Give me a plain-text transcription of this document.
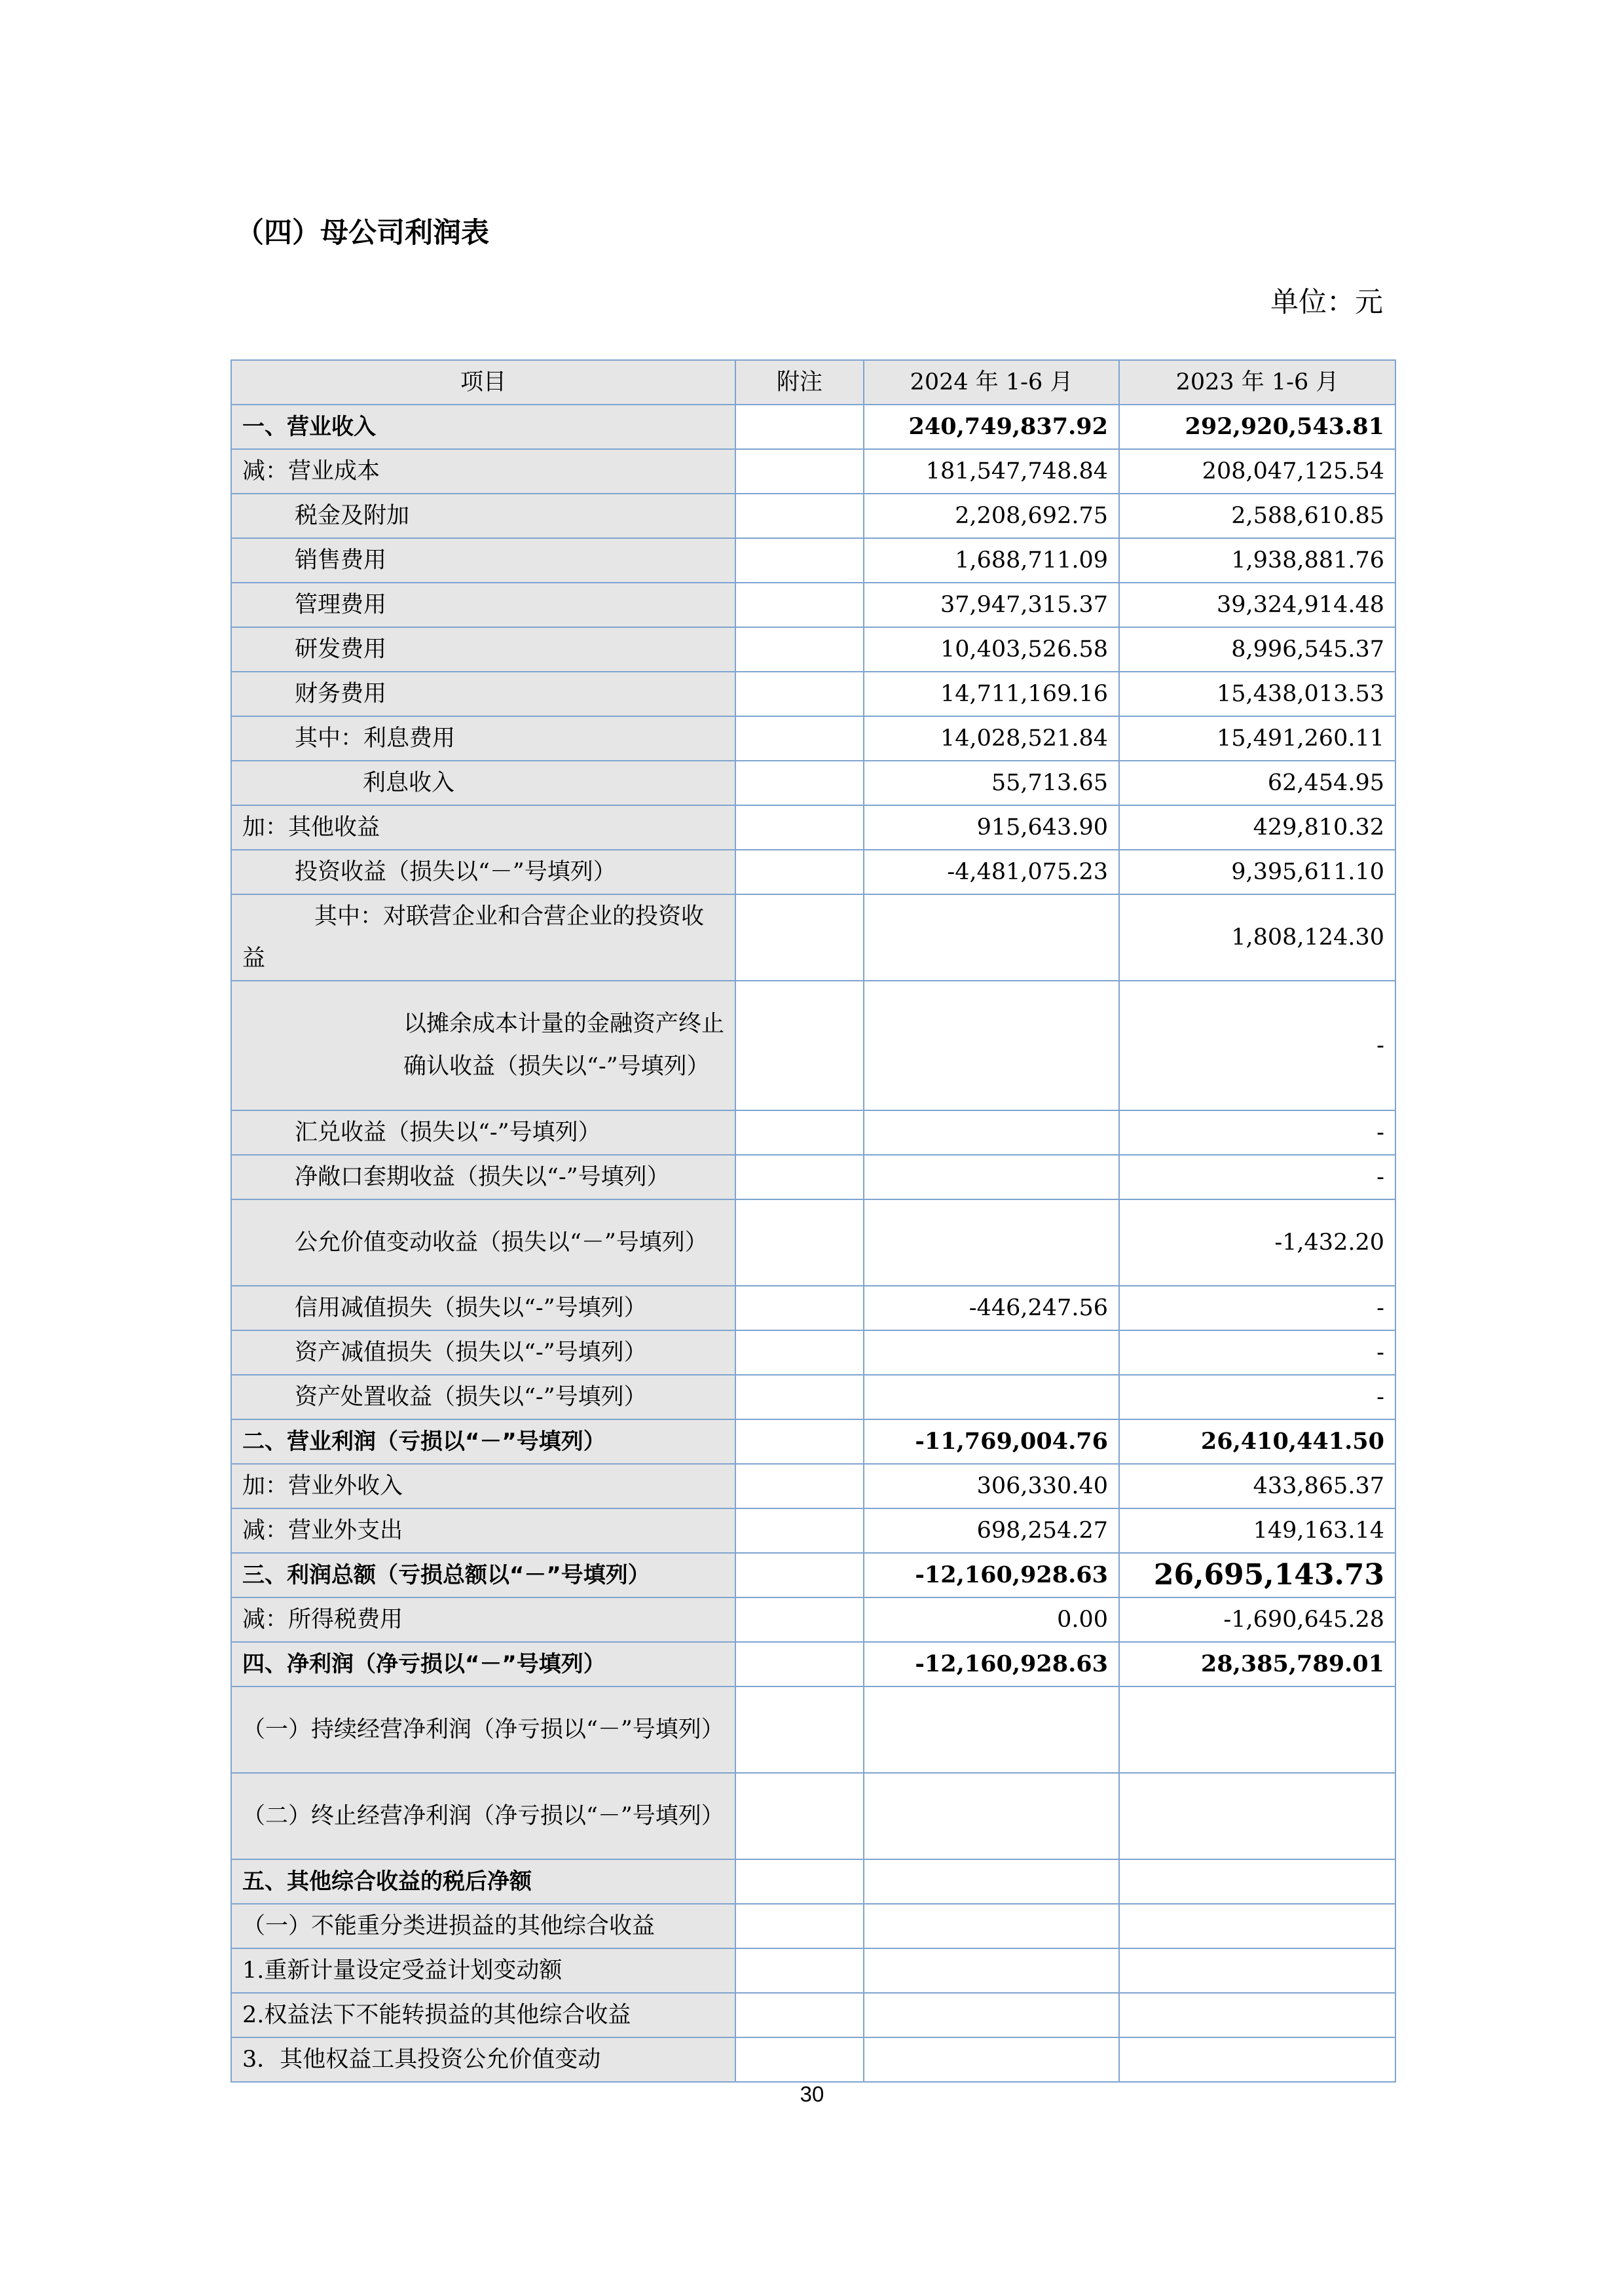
（四）母公司利润表
单位：元
项目	附注	2024 年 1-6 月	2023 年 1-6 月
一、营业收入		240,749,837.92	292,920,543.81
减：营业成本		181,547,748.84	208,047,125.54
税金及附加		2,208,692.75	2,588,610.85
销售费用		1,688,711.09	1,938,881.76
管理费用		37,947,315.37	39,324,914.48
研发费用		10,403,526.58	8,996,545.37
财务费用		14,711,169.16	15,438,013.53
其中：利息费用		14,028,521.84	15,491,260.11
利息收入		55,713.65	62,454.95
加：其他收益		915,643.90	429,810.32
投资收益（损失以“－”号填列）		-4,481,075.23	9,395,611.10
其中：对联营企业和合营企业的投资收益			1,808,124.30
以摊余成本计量的金融资产终止确认收益（损失以“-”号填列）			-
汇兑收益（损失以“-”号填列）			-
净敞口套期收益（损失以“-”号填列）			-
公允价值变动收益（损失以“－”号填列）			-1,432.20
信用减值损失（损失以“-”号填列）		-446,247.56	-
资产减值损失（损失以“-”号填列）			-
资产处置收益（损失以“-”号填列）			-
二、营业利润（亏损以“－”号填列）		-11,769,004.76	26,410,441.50
加：营业外收入		306,330.40	433,865.37
减：营业外支出		698,254.27	149,163.14
三、利润总额（亏损总额以“－”号填列）		-12,160,928.63	26,695,143.73
减：所得税费用		0.00	-1,690,645.28
四、净利润（净亏损以“－”号填列）		-12,160,928.63	28,385,789.01
（一）持续经营净利润（净亏损以“－”号填列）			
（二）终止经营净利润（净亏损以“－”号填列）			
五、其他综合收益的税后净额			
（一）不能重分类进损益的其他综合收益			
1.重新计量设定受益计划变动额			
2.权益法下不能转损益的其他综合收益			
3．其他权益工具投资公允价值变动			
30
